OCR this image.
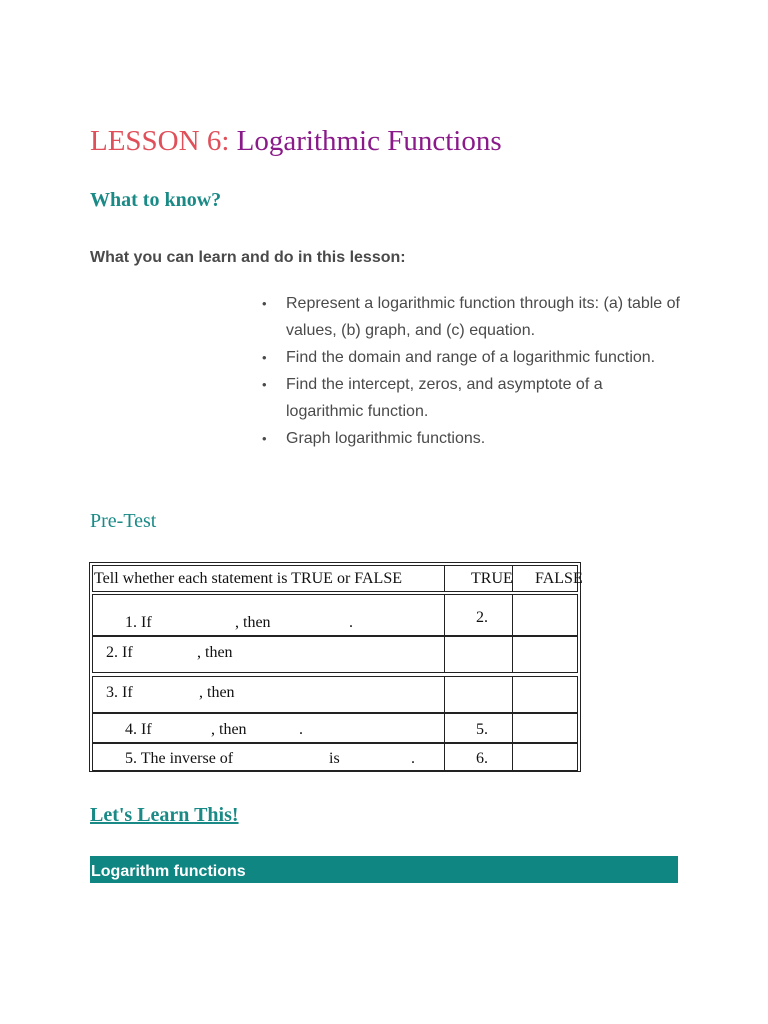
LESSON 6: Logarithmic Functions
What to know?
What you can learn and do in this lesson:
• Represent a logarithmic function through its: (a) table of values, (b) graph, and (c) equation.
• Find the domain and range of a logarithmic function.
• Find the intercept, zeros, and asymptote of a logarithmic function.
• Graph logarithmic functions.
Pre-Test
Tell whether each statement is TRUE or FALSE	TRUE FALSE
1. If	, then	.	2.
2. If	, then
3. If	, then
4. If	, then	.	5.
5. The inverse of	is	.	6.
Let's Learn This!
Logarithm functions
